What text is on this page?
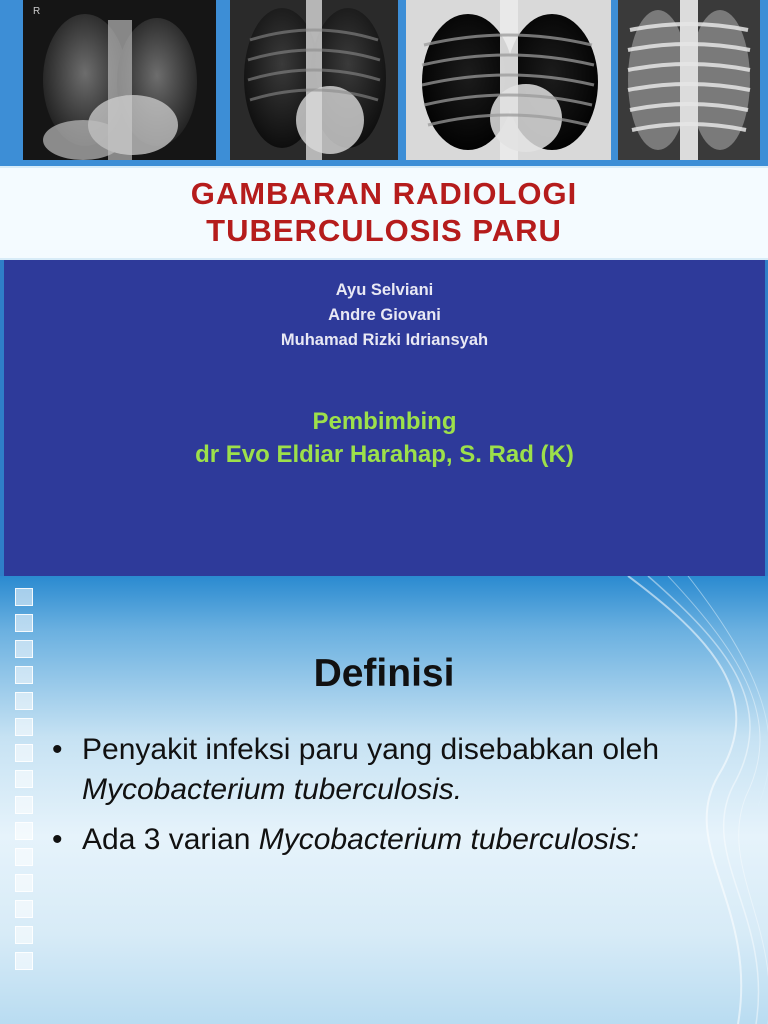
R
GAMBARAN RADIOLOGI
TUBERCULOSIS PARU
Ayu Selviani
Andre Giovani
Muhamad Rizki Idriansyah
Pembimbing
dr Evo Eldiar Harahap, S. Rad (K)
Definisi
• Penyakit infeksi paru yang disebabkan oleh Mycobacterium tuberculosis.
• Ada 3 varian Mycobacterium tuberculosis:
